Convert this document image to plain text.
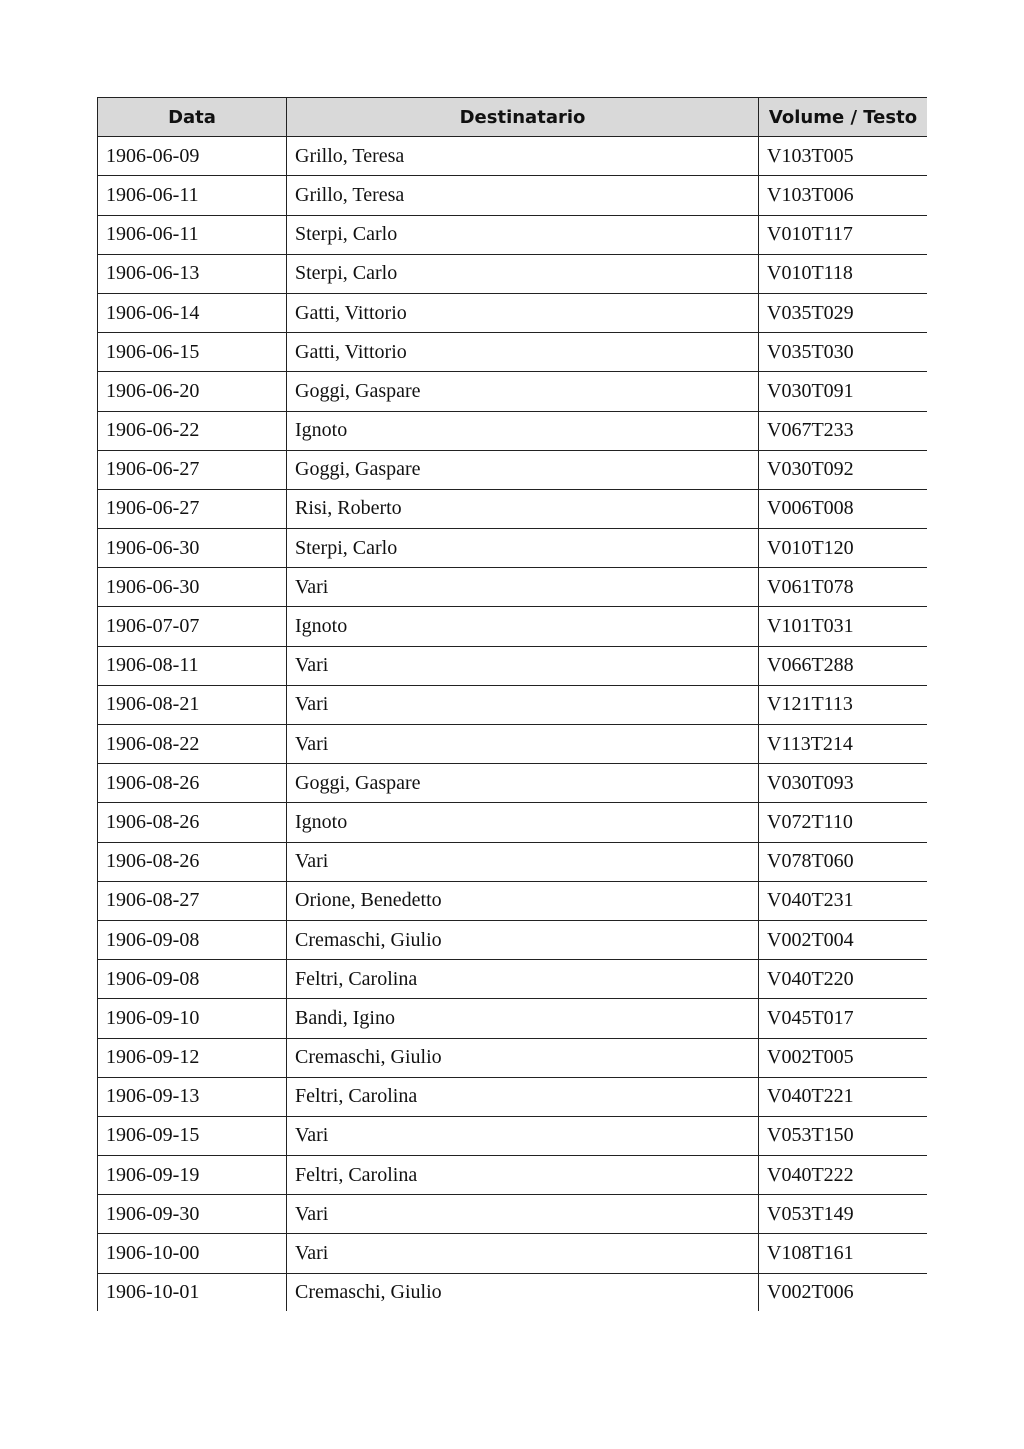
Data	Destinatario	Volume / Testo
1906-06-09	Grillo, Teresa	V103T005
1906-06-11	Grillo, Teresa	V103T006
1906-06-11	Sterpi, Carlo	V010T117
1906-06-13	Sterpi, Carlo	V010T118
1906-06-14	Gatti, Vittorio	V035T029
1906-06-15	Gatti, Vittorio	V035T030
1906-06-20	Goggi, Gaspare	V030T091
1906-06-22	Ignoto	V067T233
1906-06-27	Goggi, Gaspare	V030T092
1906-06-27	Risi, Roberto	V006T008
1906-06-30	Sterpi, Carlo	V010T120
1906-06-30	Vari	V061T078
1906-07-07	Ignoto	V101T031
1906-08-11	Vari	V066T288
1906-08-21	Vari	V121T113
1906-08-22	Vari	V113T214
1906-08-26	Goggi, Gaspare	V030T093
1906-08-26	Ignoto	V072T110
1906-08-26	Vari	V078T060
1906-08-27	Orione, Benedetto	V040T231
1906-09-08	Cremaschi, Giulio	V002T004
1906-09-08	Feltri, Carolina	V040T220
1906-09-10	Bandi, Igino	V045T017
1906-09-12	Cremaschi, Giulio	V002T005
1906-09-13	Feltri, Carolina	V040T221
1906-09-15	Vari	V053T150
1906-09-19	Feltri, Carolina	V040T222
1906-09-30	Vari	V053T149
1906-10-00	Vari	V108T161
1906-10-01	Cremaschi, Giulio	V002T006
